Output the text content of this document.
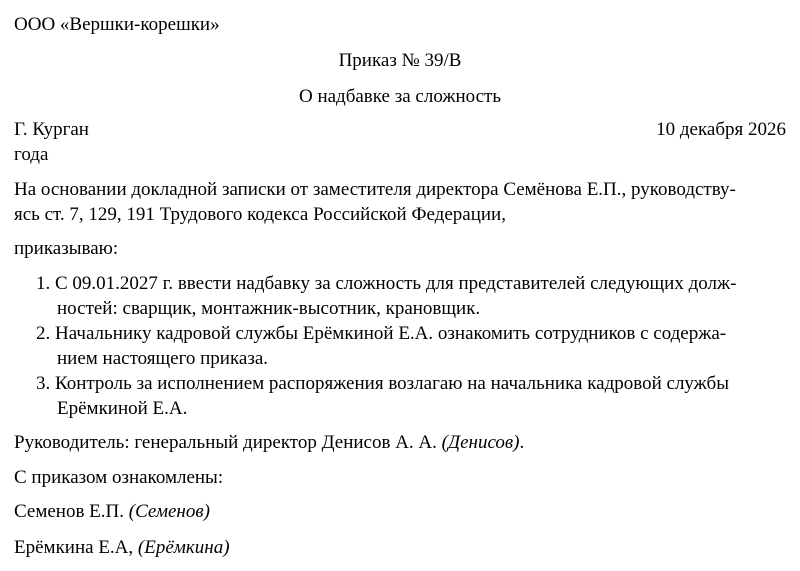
ООО «Вершки-корешки»
Приказ № 39/В
О надбавке за сложность
Г. Курган	10 декабря 2026
года
На основании докладной записки от заместителя директора Семёнова Е.П., руководству-
ясь ст. 7, 129, 191 Трудового кодекса Российской Федерации,
приказываю:
1. С 09.01.2027 г. ввести надбавку за сложность для представителей следующих долж-
ностей: сварщик, монтажник-высотник, крановщик.
2. Начальнику кадровой службы Ерёмкиной Е.А. ознакомить сотрудников с содержа-
нием настоящего приказа.
3. Контроль за исполнением распоряжения возлагаю на начальника кадровой службы
Ерёмкиной Е.А.
Руководитель: генеральный директор Денисов А. А. (Денисов).
С приказом ознакомлены:
Семенов Е.П. (Семенов)
Ерёмкина Е.А, (Ерёмкина)
